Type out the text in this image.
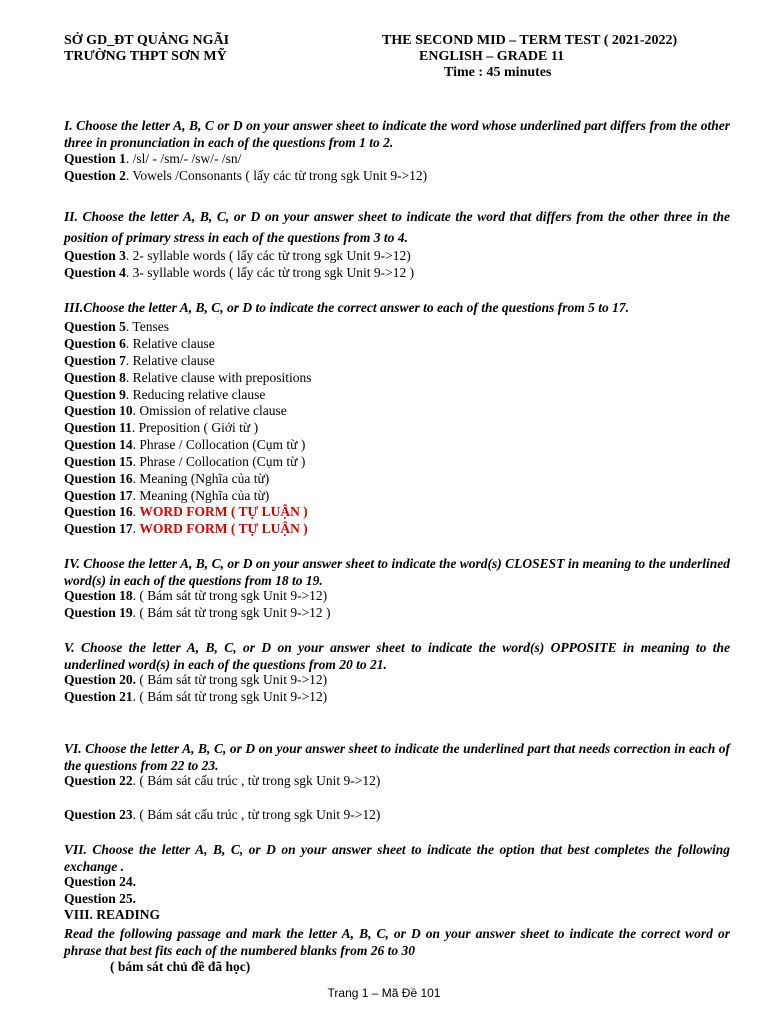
SỞ GD_ĐT QUẢNG NGÃI
TRƯỜNG THPT SƠN MỸ
THE SECOND MID – TERM TEST ( 2021-2022)
ENGLISH – GRADE 11
Time : 45 minutes
I. Choose the letter A, B, C or D on your answer sheet to indicate the word whose underlined part differs from the other three in pronunciation in each of the questions from 1 to 2.
Question 1. /sl/ - /sm/- /sw/- /sn/
Question 2. Vowels /Consonants ( lấy các từ trong sgk Unit 9->12)
II. Choose the letter A, B, C, or D on your answer sheet to indicate the word that differs from the other three in the position of primary stress in each of the questions from 3 to 4.
Question 3. 2- syllable words ( lấy các từ trong sgk Unit 9->12)
Question 4. 3- syllable words ( lấy các từ trong sgk Unit 9->12 )
III.Choose the letter A, B, C, or D to indicate the correct answer to each of the questions from 5 to 17.
Question 5. Tenses
Question 6. Relative clause
Question 7. Relative clause
Question 8. Relative clause with prepositions
Question 9. Reducing relative clause
Question 10. Omission of relative clause
Question 11. Preposition ( Giới từ )
Question 14. Phrase / Collocation (Cụm từ )
Question 15. Phrase / Collocation (Cụm từ )
Question 16. Meaning (Nghĩa của từ)
Question 17. Meaning (Nghĩa của từ)
Question 16. WORD FORM ( TỰ LUẬN )
Question 17. WORD FORM ( TỰ LUẬN )
IV. Choose the letter A, B, C, or D on your answer sheet to indicate the word(s) CLOSEST in meaning to the underlined word(s) in each of the questions from 18 to 19.
Question 18. ( Bám sát từ trong sgk Unit 9->12)
Question 19. ( Bám sát từ trong sgk Unit 9->12 )
V. Choose the letter A, B, C, or D on your answer sheet to indicate the word(s) OPPOSITE in meaning to the underlined word(s) in each of the questions from 20 to 21.
Question 20. ( Bám sát từ trong sgk Unit 9->12)
Question 21. ( Bám sát từ trong sgk Unit 9->12)
VI. Choose the letter A, B, C, or D on your answer sheet to indicate the underlined part that needs correction in each of the questions from 22 to 23.
Question 22. ( Bám sát cấu trúc , từ trong sgk Unit 9->12)
Question 23. ( Bám sát cấu trúc , từ trong sgk Unit 9->12)
VII. Choose the letter A, B, C, or D on your answer sheet to indicate the option that best completes the following exchange .
Question 24.
Question 25.
VIII. READING
Read the following passage and mark the letter A, B, C, or D on your answer sheet to indicate the correct word or phrase that best fits each of the numbered blanks from 26 to 30
( bám sát chủ đề đã học)
Trang 1 – Mã Đề 101
